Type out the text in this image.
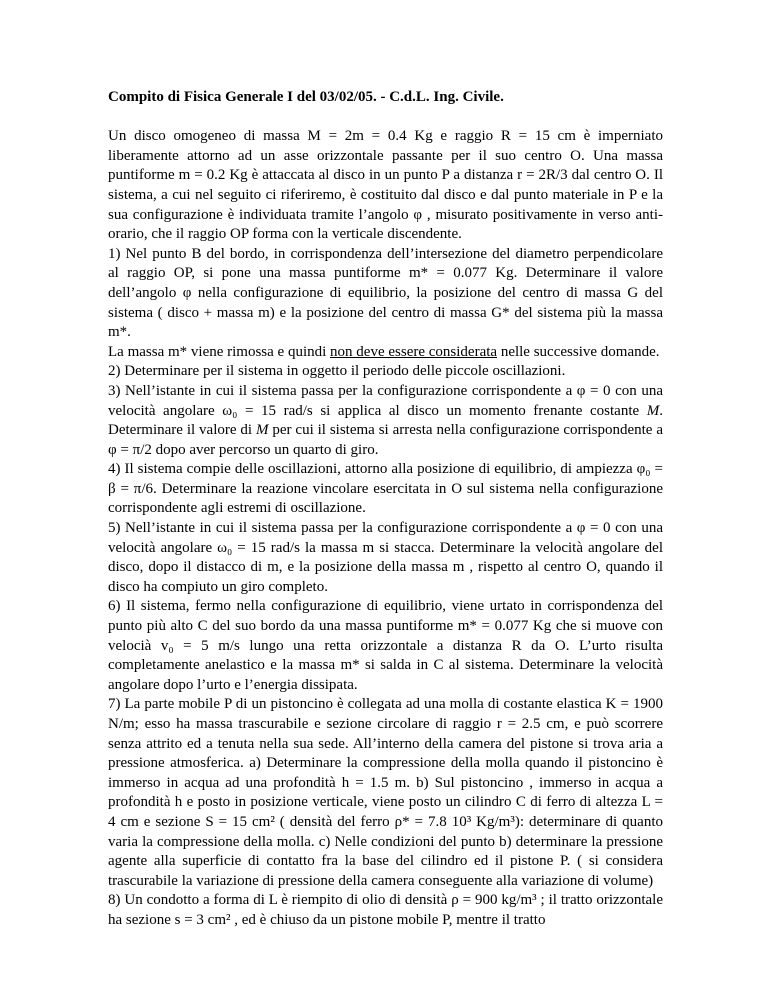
Compito di Fisica Generale I del 03/02/05. - C.d.L. Ing. Civile.

Un disco omogeneo di massa M = 2m = 0.4 Kg e raggio R = 15 cm è imperniato liberamente attorno ad un asse orizzontale passante per il suo centro O. Una massa puntiforme m = 0.2 Kg è attaccata al disco in un punto P a distanza r = 2R/3 dal centro O. Il sistema, a cui nel seguito ci riferiremo, è costituito dal disco e dal punto materiale in P e la sua configurazione è individuata tramite l’angolo φ , misurato positivamente in verso anti-orario, che il raggio OP forma con la verticale discendente.

1) Nel punto B del bordo, in corrispondenza dell’intersezione del diametro perpendicolare al raggio OP, si pone una massa puntiforme m* = 0.077 Kg. Determinare il valore dell’angolo φ nella configurazione di equilibrio, la posizione del centro di massa G del sistema ( disco + massa m) e la posizione del centro di massa G* del sistema più la massa m*.

La massa m* viene rimossa e quindi non deve essere considerata nelle successive domande.

2) Determinare per il sistema in oggetto il periodo delle piccole oscillazioni.

3) Nell’istante in cui il sistema passa per la configurazione corrispondente a φ = 0 con una velocità angolare ω₀ = 15 rad/s si applica al disco un momento frenante costante M. Determinare il valore di M per cui il sistema si arresta nella configurazione corrispondente a φ = π/2 dopo aver percorso un quarto di giro.

4) Il sistema compie delle oscillazioni, attorno alla posizione di equilibrio, di ampiezza φ₀ = β = π/6. Determinare la reazione vincolare esercitata in O sul sistema nella configurazione corrispondente agli estremi di oscillazione.

5) Nell’istante in cui il sistema passa per la configurazione corrispondente a φ = 0 con una velocità angolare ω₀ = 15 rad/s la massa m si stacca. Determinare la velocità angolare del disco, dopo il distacco di m, e la posizione della massa m , rispetto al centro O, quando il disco ha compiuto un giro completo.

6) Il sistema, fermo nella configurazione di equilibrio, viene urtato in corrispondenza del punto più alto C del suo bordo da una massa puntiforme m* = 0.077 Kg che si muove con velocià v₀ = 5 m/s lungo una retta orizzontale a distanza R da O. L’urto risulta completamente anelastico e la massa m* si salda in C al sistema. Determinare la velocità angolare dopo l’urto e l’energia dissipata.

7) La parte mobile P di un pistoncino è collegata ad una molla di costante elastica K = 1900 N/m; esso ha massa trascurabile e sezione circolare di raggio r = 2.5 cm, e può scorrere senza attrito ed a tenuta nella sua sede. All’interno della camera del pistone si trova aria a pressione atmosferica. a) Determinare la compressione della molla quando il pistoncino è immerso in acqua ad una profondità h = 1.5 m. b) Sul pistoncino , immerso in acqua a profondità h e posto in posizione verticale, viene posto un cilindro C di ferro di altezza L = 4 cm e sezione S = 15 cm² ( densità del ferro ρ* = 7.8 10³ Kg/m³): determinare di quanto varia la compressione della molla. c) Nelle condizioni del punto b) determinare la pressione agente alla superficie di contatto fra la base del cilindro ed il pistone P. ( si considera trascurabile la variazione di pressione della camera conseguente alla variazione di volume)

8) Un condotto a forma di L è riempito di olio di densità ρ = 900 kg/m³ ; il tratto orizzontale ha sezione s = 3 cm² , ed è chiuso da un pistone mobile P, mentre il tratto
